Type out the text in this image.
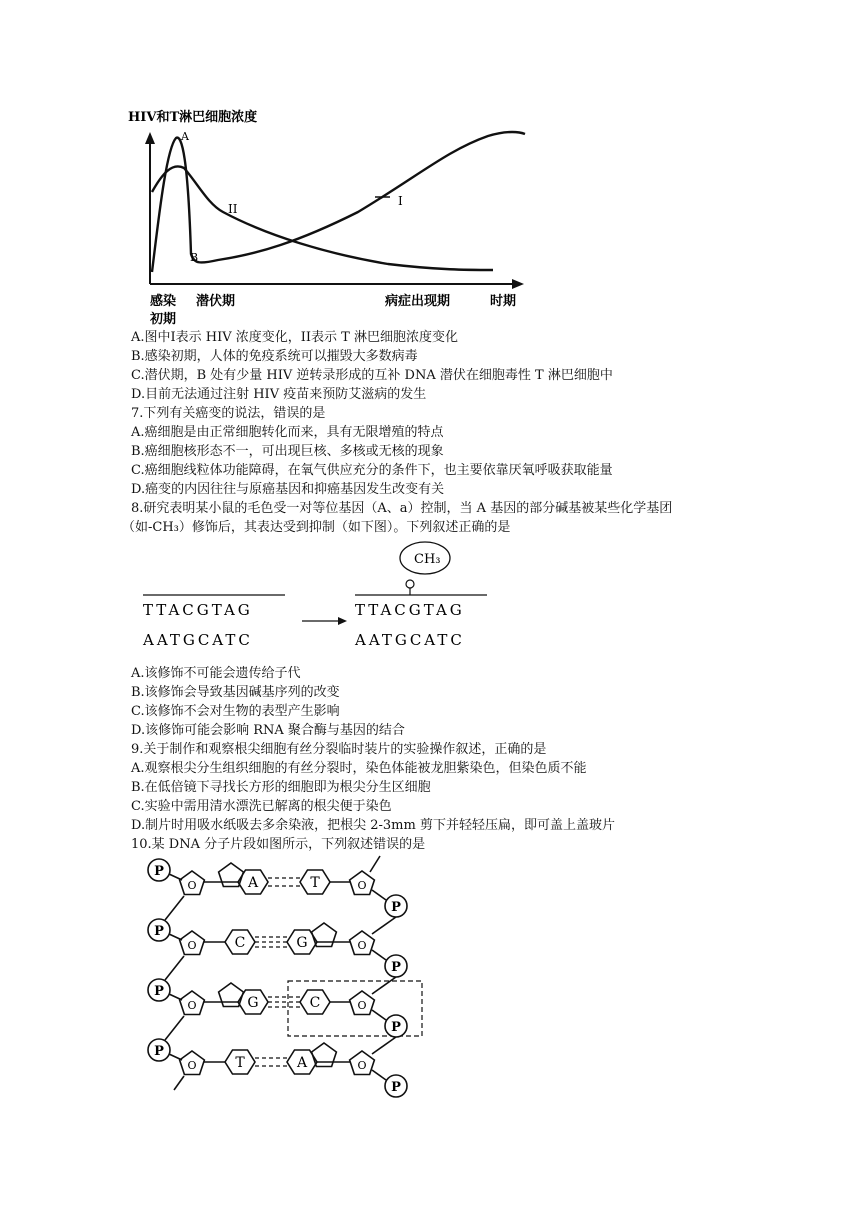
HIV和T淋巴细胞浓度
A
B
II
I
感染
初期
潜伏期	病症出现期	时期
A.图中I表示 HIV 浓度变化，II表示 T 淋巴细胞浓度变化
B.感染初期，人体的免疫系统可以摧毁大多数病毒
C.潜伏期，B 处有少量 HIV 逆转录形成的互补 DNA 潜伏在细胞毒性 T 淋巴细胞中
D.目前无法通过注射 HIV 疫苗来预防艾滋病的发生
7.下列有关癌变的说法，错误的是
A.癌细胞是由正常细胞转化而来，具有无限增殖的特点
B.癌细胞核形态不一，可出现巨核、多核或无核的现象
C.癌细胞线粒体功能障碍，在氧气供应充分的条件下，也主要依靠厌氧呼吸获取能量
D.癌变的内因往往与原癌基因和抑癌基因发生改变有关
8.研究表明某小鼠的毛色受一对等位基因（A、a）控制，当 A 基因的部分碱基被某些化学基团
（如-CH₃）修饰后，其表达受到抑制（如下图）。下列叙述正确的是
TTACGTAG
AATGCATC
CH₃
TTACGTAG
AATGCATC
A.该修饰不可能会遗传给子代
B.该修饰会导致基因碱基序列的改变
C.该修饰不会对生物的表型产生影响
D.该修饰可能会影响 RNA 聚合酶与基因的结合
9.关于制作和观察根尖细胞有丝分裂临时装片的实验操作叙述，正确的是
A.观察根尖分生组织细胞的有丝分裂时，染色体能被龙胆紫染色，但染色质不能
B.在低倍镜下寻找长方形的细胞即为根尖分生区细胞
C.实验中需用清水漂洗已解离的根尖便于染色
D.制片时用吸水纸吸去多余染液，把根尖 2-3mm 剪下并轻轻压扁，即可盖上盖玻片
10.某 DNA 分子片段如图所示，下列叙述错误的是
P
O	A	T	O
P
P
O	C	G	O
P
P
O	G	C	O
P
P
O	T	A	O
P
